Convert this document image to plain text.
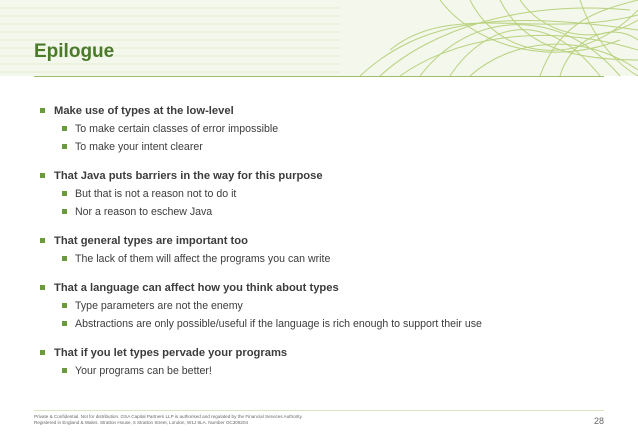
Epilogue
Make use of types at the low-level
To make certain classes of error impossible
To make your intent clearer
That Java puts barriers in the way for this purpose
But that is not a reason not to do it
Nor a reason to eschew Java
That general types are important too
The lack of them will affect the programs you can write
That a language can affect how you think about types
Type parameters are not the enemy
Abstractions are only possible/useful if the language is rich enough to support their use
That if you let types pervade your programs
Your programs can be better!
Private & Confidential. Not for distribution. GSA Capital Partners LLP is authorised and regulated by the Financial Services Authority.
Registered in England & Wales. Stratton House, 5 Stratton Street, London, W1J 8LA. Number OC309204	28
